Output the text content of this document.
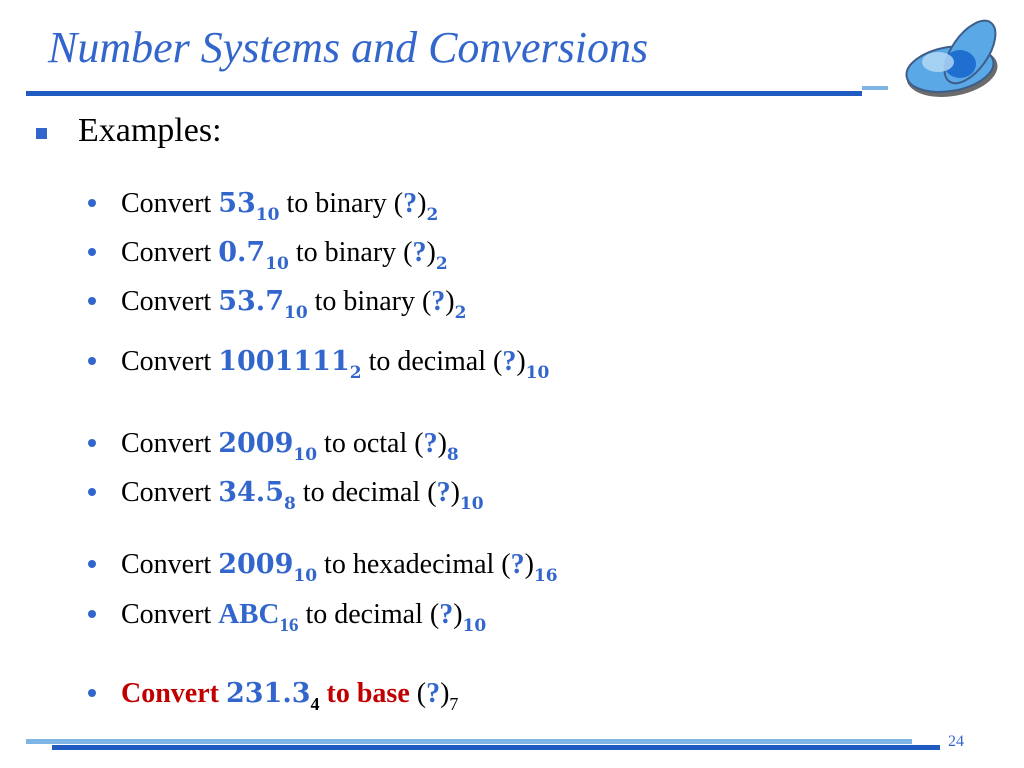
Number Systems and Conversions
Examples:
Convert $53_{10}$ to binary $(?)_2$
Convert $0.7_{10}$ to binary $(?)_2$
Convert $53.7_{10}$ to binary $(?)_2$
Convert $1001111_2$ to decimal $(?)_{10}$
Convert $2009_{10}$ to octal $(?)_8$
Convert $34.5_8$ to decimal $(?)_{10}$
Convert $2009_{10}$ to hexadecimal $(?)_{16}$
Convert $ABC_{16}$ to decimal $(?)_{10}$
Convert $231.3_4$ to base $(?)_7$
24
